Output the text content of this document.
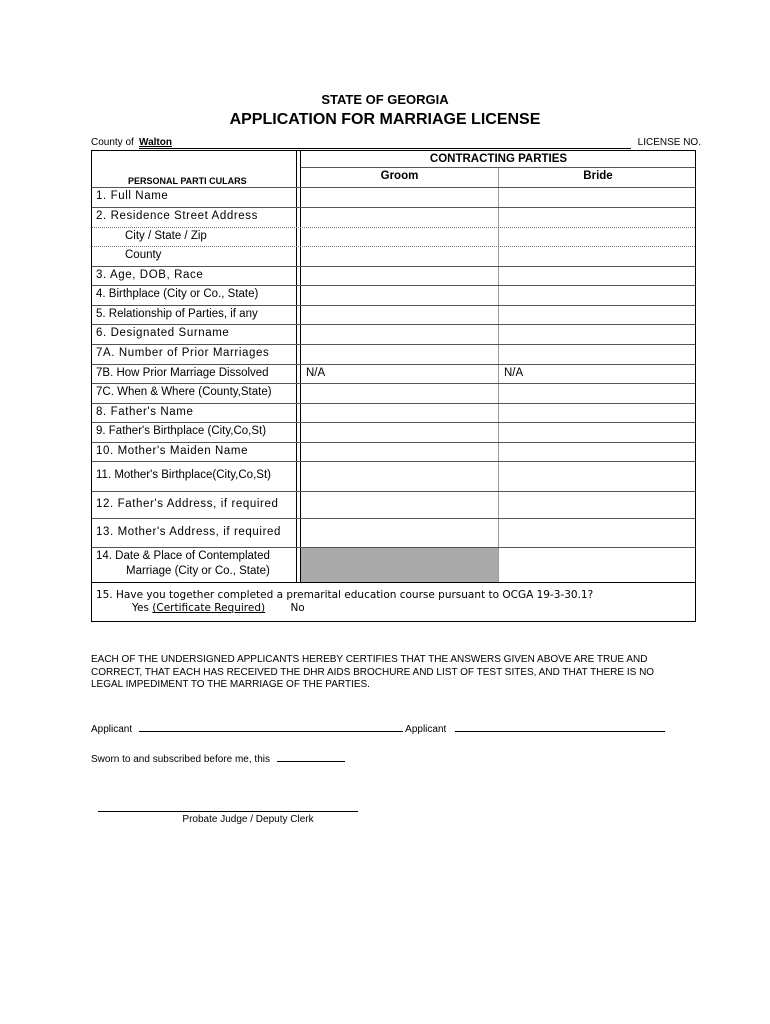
STATE OF GEORGIA
APPLICATION FOR MARRIAGE LICENSE
County of Walton	LICENSE NO.
CONTRACTING PARTIES
Groom	Bride
PERSONAL PARTI CULARS
1. Full Name
2. Residence Street Address
City / State / Zip
County
3. Age, DOB, Race
4. Birthplace (City or Co., State)
5. Relationship of Parties, if any
6. Designated Surname
7A. Number of Prior Marriages
7B. How Prior Marriage Dissolved	N/A	N/A
7C. When & Where (County,State)
8. Father's Name
9. Father's Birthplace (City,Co,St)
10. Mother's Maiden Name
11. Mother's Birthplace(City,Co,St)
12. Father's Address, if required
13. Mother's Address, if required
14. Date & Place of Contemplated
Marriage (City or Co., State)
15. Have you together completed a premarital education course pursuant to OCGA 19-3-30.1?
Yes (Certificate Required) No
EACH OF THE UNDERSIGNED APPLICANTS HEREBY CERTIFIES THAT THE ANSWERS GIVEN ABOVE ARE TRUE AND CORRECT, THAT EACH HAS RECEIVED THE DHR AIDS BROCHURE AND LIST OF TEST SITES, AND THAT THERE IS NO LEGAL IMPEDIMENT TO THE MARRIAGE OF THE PARTIES.
Applicant	Applicant
Sworn to and subscribed before me, this
Probate Judge / Deputy Clerk
